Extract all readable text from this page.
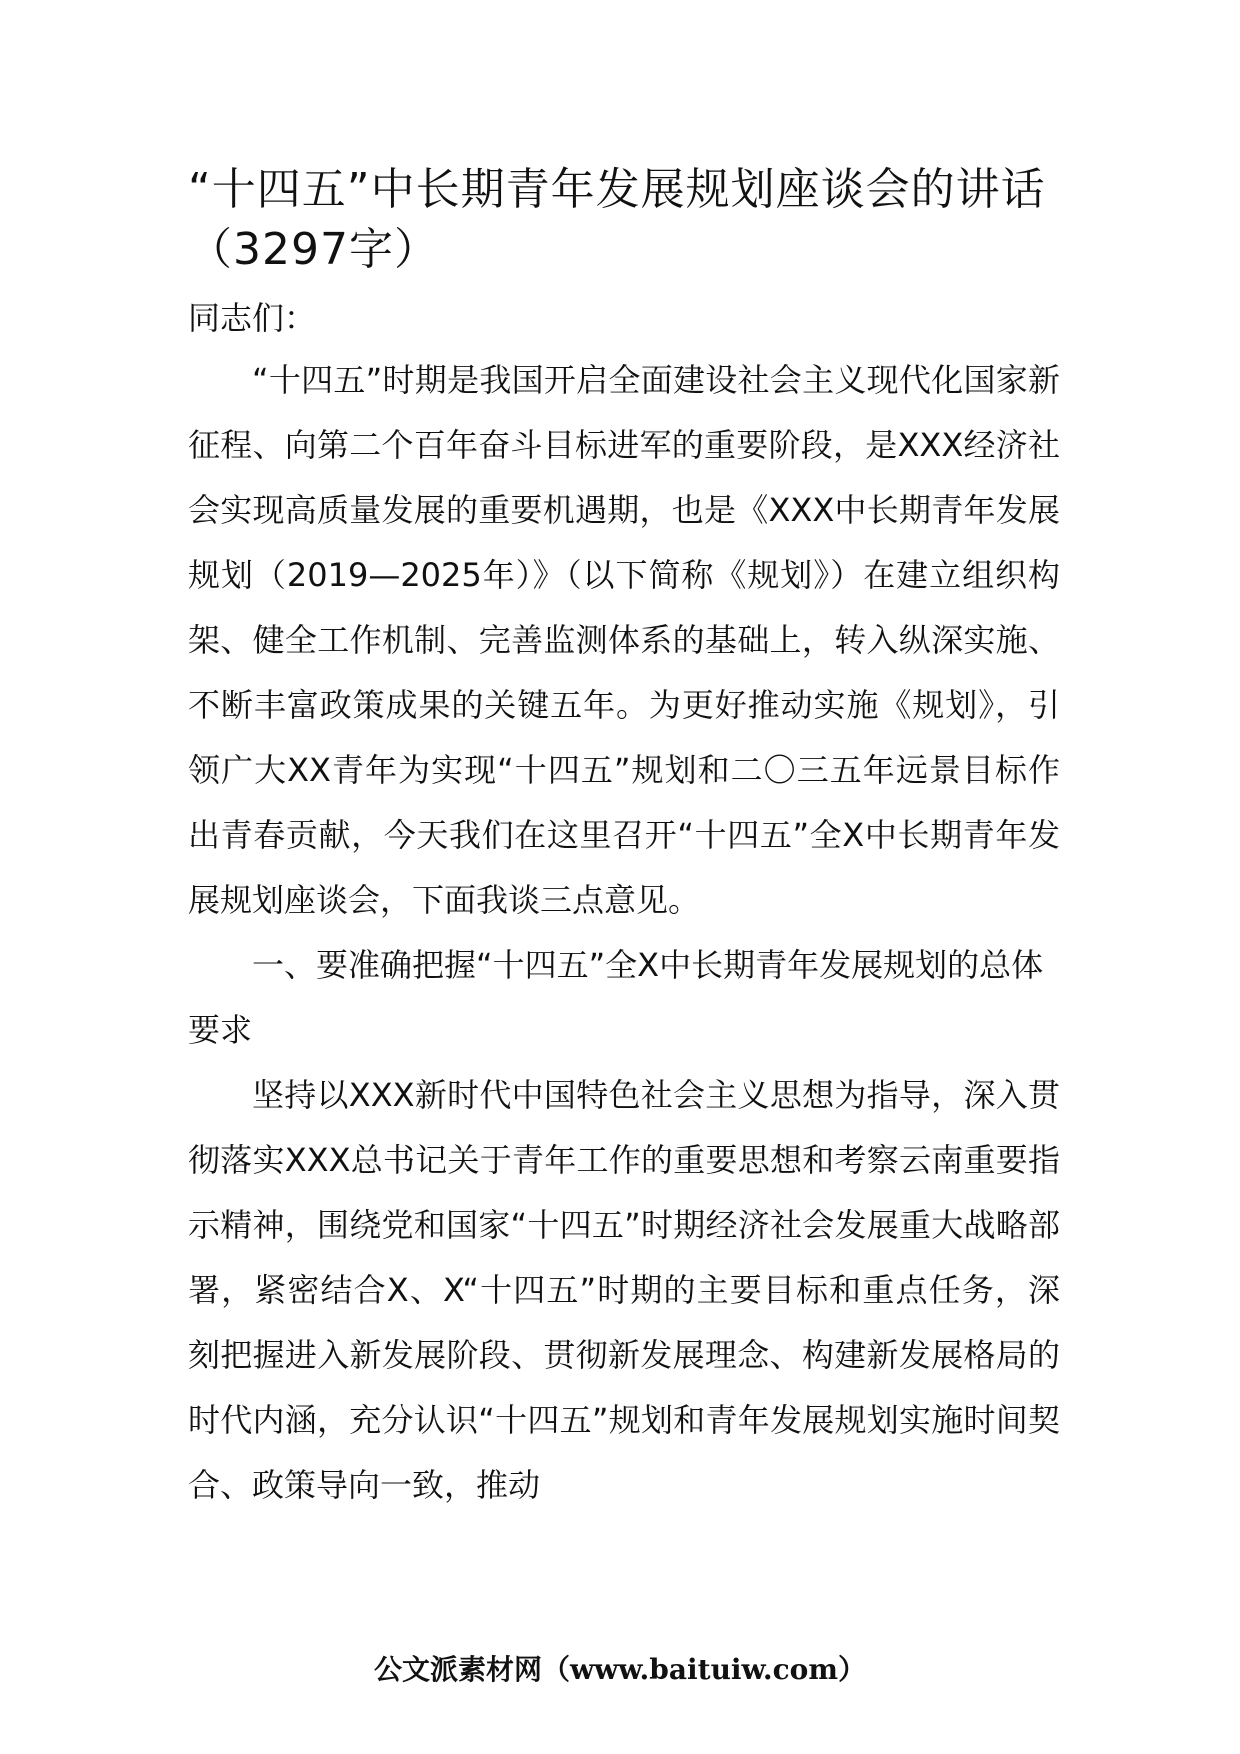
“十四五”中长期青年发展规划座谈会的讲话（3297字）

同志们：

“十四五”时期是我国开启全面建设社会主义现代化国家新征程、向第二个百年奋斗目标进军的重要阶段，是XXX经济社会实现高质量发展的重要机遇期，也是《XXX中长期青年发展规划（2019—2025年）》（以下简称《规划》）在建立组织构架、健全工作机制、完善监测体系的基础上，转入纵深实施、不断丰富政策成果的关键五年。为更好推动实施《规划》，引领广大XX青年为实现“十四五”规划和二〇三五年远景目标作出青春贡献，今天我们在这里召开“十四五”全X中长期青年发展规划座谈会，下面我谈三点意见。

一、要准确把握“十四五”全X中长期青年发展规划的总体要求

坚持以XXX新时代中国特色社会主义思想为指导，深入贯彻落实XXX总书记关于青年工作的重要思想和考察云南重要指示精神，围绕党和国家“十四五”时期经济社会发展重大战略部署，紧密结合X、X“十四五”时期的主要目标和重点任务，深刻把握进入新发展阶段、贯彻新发展理念、构建新发展格局的时代内涵，充分认识“十四五”规划和青年发展规划实施时间契合、政策导向一致，推动

公文派素材网（www.baituiw.com）
